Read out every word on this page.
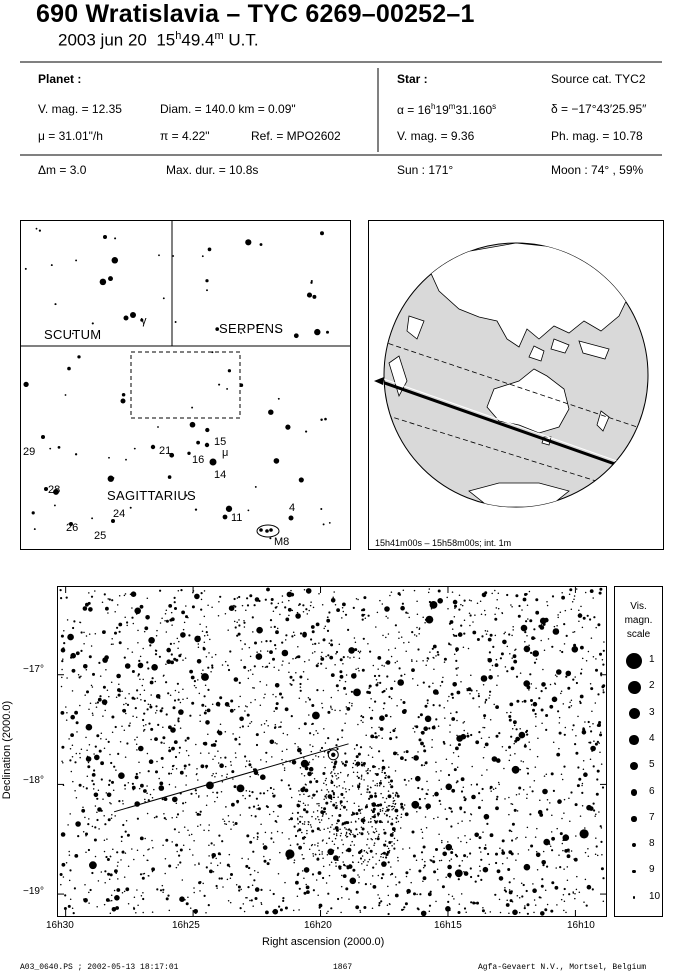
690 Wratislavia – TYC 6269–00252–1
2003 jun 20 15$^h$49.4$^m$ U.T.
Planet :
V. mag. = 12.35	Diam. = 140.0 km = 0.09"
μ = 31.01"/h	π = 4.22"	Ref. = MPO2602
Δm = 3.0	Max. dur. = 10.8s
Star :	Source cat. TYC2
$\alpha = 16^h19^m31.160^s$	δ = −17°43′25.95″
V. mag. = 9.36	Ph. mag. = 10.78
Sun : 171°	Moon : 74° , 59%
SCUTUM	SERPENS
SAGITTARIUS
γ
15
16
μ
14
21
29
28
24
26
25
11
4
M8	15h41m00s – 15h58m00s; int. 1m
16h30	16h25	16h20	16h15	16h10
Right ascension (2000.0)
−17°
−18°
−19°
Declination (2000.0)
Vis.
magn.
scale
1
2
3
4
5
6
7
8
9
10
A03_0640.PS ; 2002-05-13 18:17:01	1867	Agfa-Gevaert N.V., Mortsel, Belgium
